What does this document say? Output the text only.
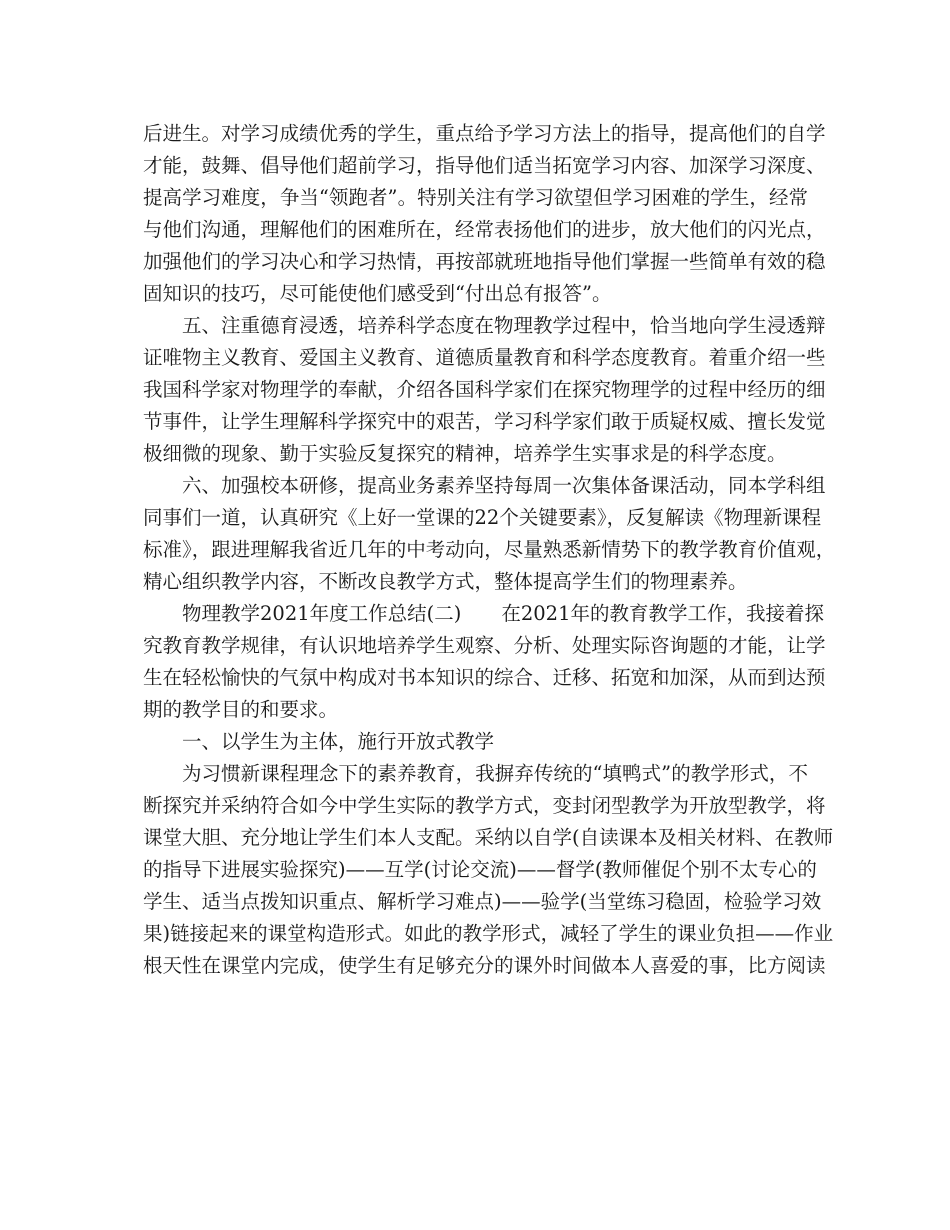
后进生。对学习成绩优秀的学生，重点给予学习方法上的指导，提高他们的自学
才能，鼓舞、倡导他们超前学习，指导他们适当拓宽学习内容、加深学习深度、
提高学习难度，争当“领跑者”。特别关注有学习欲望但学习困难的学生，经常
与他们沟通，理解他们的困难所在，经常表扬他们的进步，放大他们的闪光点，
加强他们的学习决心和学习热情，再按部就班地指导他们掌握一些简单有效的稳
固知识的技巧，尽可能使他们感受到“付出总有报答”。
五、注重德育浸透，培养科学态度在物理教学过程中，恰当地向学生浸透辩
证唯物主义教育、爱国主义教育、道德质量教育和科学态度教育。着重介绍一些
我国科学家对物理学的奉献，介绍各国科学家们在探究物理学的过程中经历的细
节事件，让学生理解科学探究中的艰苦，学习科学家们敢于质疑权威、擅长发觉
极细微的现象、勤于实验反复探究的精神，培养学生实事求是的科学态度。
六、加强校本研修，提高业务素养坚持每周一次集体备课活动，同本学科组
同事们一道，认真研究《上好一堂课的22个关键要素》，反复解读《物理新课程
标准》，跟进理解我省近几年的中考动向，尽量熟悉新情势下的教学教育价值观，
精心组织教学内容，不断改良教学方式，整体提高学生们的物理素养。
物理教学2021年度工作总结(二) 在2021年的教育教学工作，我接着探
究教育教学规律，有认识地培养学生观察、分析、处理实际咨询题的才能，让学
生在轻松愉快的气氛中构成对书本知识的综合、迁移、拓宽和加深，从而到达预
期的教学目的和要求。
一、以学生为主体，施行开放式教学
为习惯新课程理念下的素养教育，我摒弃传统的“填鸭式”的教学形式，不
断探究并采纳符合如今中学生实际的教学方式，变封闭型教学为开放型教学，将
课堂大胆、充分地让学生们本人支配。采纳以自学(自读课本及相关材料、在教师
的指导下进展实验探究)——互学(讨论交流)——督学(教师催促个别不太专心的
学生、适当点拨知识重点、解析学习难点)——验学(当堂练习稳固，检验学习效
果)链接起来的课堂构造形式。如此的教学形式，减轻了学生的课业负担——作业
根天性在课堂内完成，使学生有足够充分的课外时间做本人喜爱的事，比方阅读
